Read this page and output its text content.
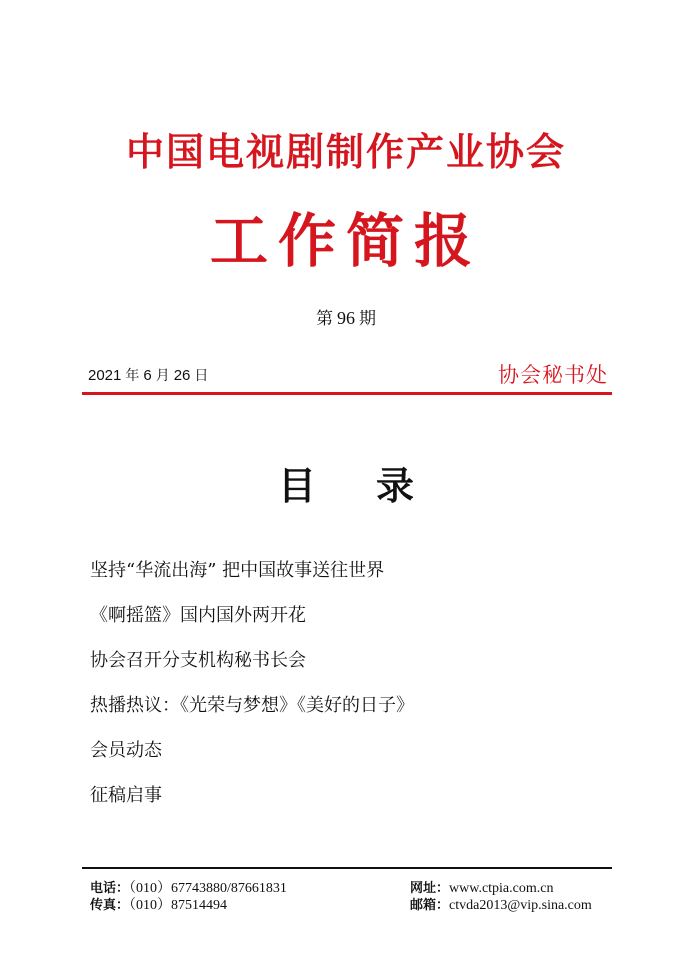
中国电视剧制作产业协会
工作简报
第 96 期
2021 年 6 月 26 日	协会秘书处
目 录
坚持“华流出海” 把中国故事送往世界
《啊摇篮》国内国外两开花
协会召开分支机构秘书长会
热播热议：《光荣与梦想》《美好的日子》
会员动态
征稿启事
电话：（010）67743880/87661831
传真：（010）87514494
网址：www.ctpia.com.cn
邮箱：ctvda2013@vip.sina.com
